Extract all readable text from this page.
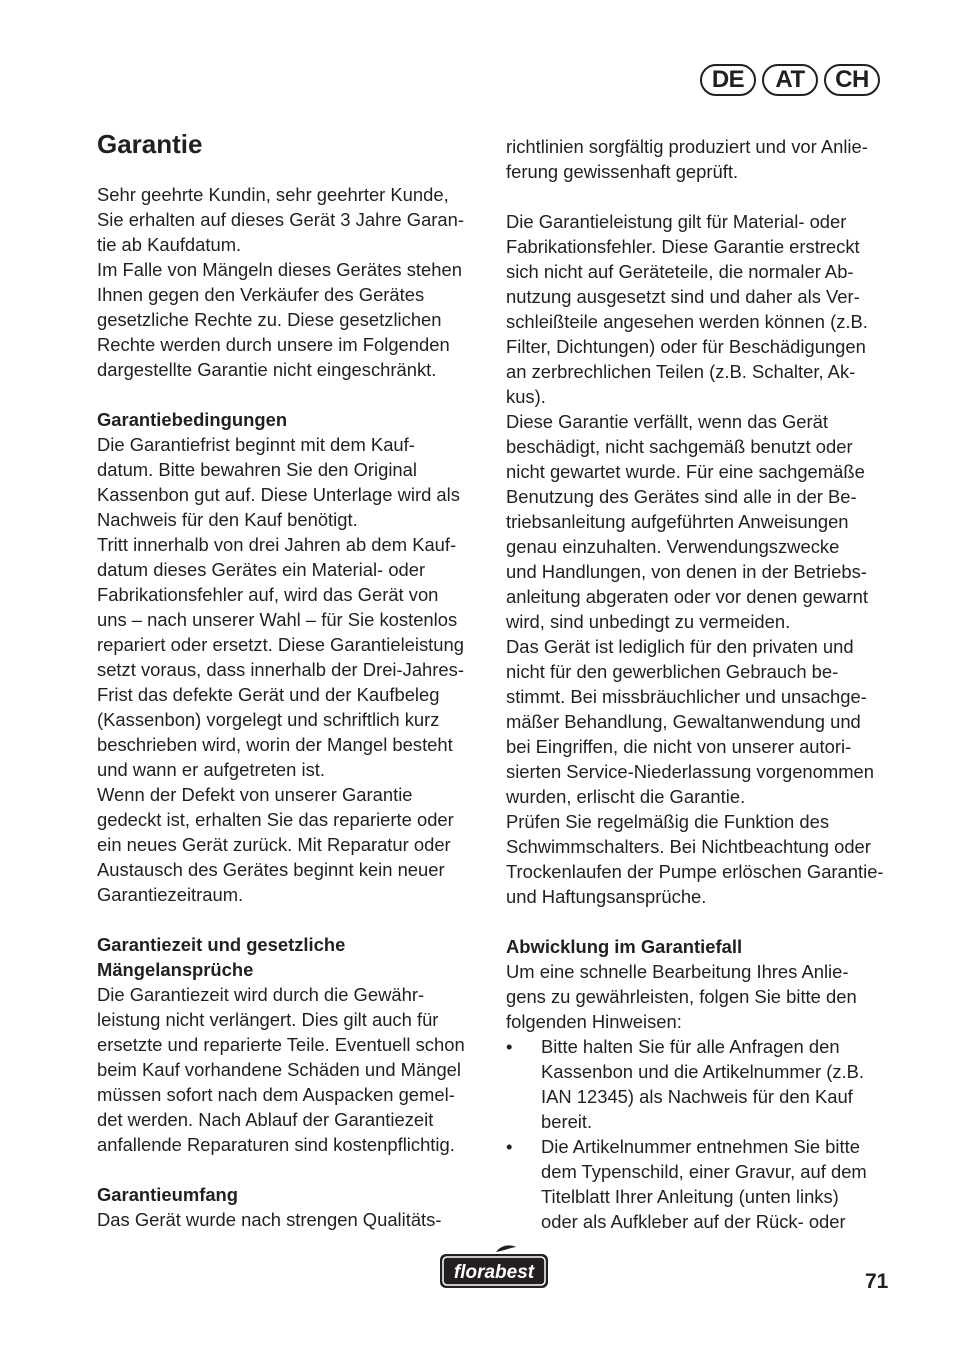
DE	AT	CH
Garantie
Sehr geehrte Kundin, sehr geehrter Kunde,
Sie erhalten auf dieses Gerät 3 Jahre Garan-
tie ab Kaufdatum.
Im Falle von Mängeln dieses Gerätes stehen
Ihnen gegen den Verkäufer des Gerätes
gesetzliche Rechte zu. Diese gesetzlichen
Rechte werden durch unsere im Folgenden
dargestellte Garantie nicht eingeschränkt.
Garantiebedingungen
Die Garantiefrist beginnt mit dem Kauf-
datum. Bitte bewahren Sie den Original
Kassenbon gut auf. Diese Unterlage wird als
Nachweis für den Kauf benötigt.
Tritt innerhalb von drei Jahren ab dem Kauf-
datum dieses Gerätes ein Material- oder
Fabrikationsfehler auf, wird das Gerät von
uns – nach unserer Wahl – für Sie kostenlos
repariert oder ersetzt. Diese Garantieleistung
setzt voraus, dass innerhalb der Drei-Jahres-
Frist das defekte Gerät und der Kaufbeleg
(Kassenbon) vorgelegt und schriftlich kurz
beschrieben wird, worin der Mangel besteht
und wann er aufgetreten ist.
Wenn der Defekt von unserer Garantie
gedeckt ist, erhalten Sie das reparierte oder
ein neues Gerät zurück. Mit Reparatur oder
Austausch des Gerätes beginnt kein neuer
Garantiezeitraum.
Garantiezeit und gesetzliche
Mängelansprüche
Die Garantiezeit wird durch die Gewähr-
leistung nicht verlängert. Dies gilt auch für
ersetzte und reparierte Teile. Eventuell schon
beim Kauf vorhandene Schäden und Mängel
müssen sofort nach dem Auspacken gemel-
det werden. Nach Ablauf der Garantiezeit
anfallende Reparaturen sind kostenpflichtig.
Garantieumfang
Das Gerät wurde nach strengen Qualitäts-
richtlinien sorgfältig produziert und vor Anlie-
ferung gewissenhaft geprüft.
Die Garantieleistung gilt für Material- oder
Fabrikationsfehler. Diese Garantie erstreckt
sich nicht auf Geräteteile, die normaler Ab-
nutzung ausgesetzt sind und daher als Ver-
schleißteile angesehen werden können (z.B.
Filter, Dichtungen) oder für Beschädigungen
an zerbrechlichen Teilen (z.B. Schalter, Ak-
kus).
Diese Garantie verfällt, wenn das Gerät
beschädigt, nicht sachgemäß benutzt oder
nicht gewartet wurde. Für eine sachgemäße
Benutzung des Gerätes sind alle in der Be-
triebsanleitung aufgeführten Anweisungen
genau einzuhalten. Verwendungszwecke
und Handlungen, von denen in der Betriebs-
anleitung abgeraten oder vor denen gewarnt
wird, sind unbedingt zu vermeiden.
Das Gerät ist lediglich für den privaten und
nicht für den gewerblichen Gebrauch be-
stimmt. Bei missbräuchlicher und unsachge-
mäßer Behandlung, Gewaltanwendung und
bei Eingriffen, die nicht von unserer autori-
sierten Service-Niederlassung vorgenommen
wurden, erlischt die Garantie.
Prüfen Sie regelmäßig die Funktion des
Schwimmschalters. Bei Nichtbeachtung oder
Trockenlaufen der Pumpe erlöschen Garantie-
und Haftungsansprüche.
Abwicklung im Garantiefall
Um eine schnelle Bearbeitung Ihres Anlie-
gens zu gewährleisten, folgen Sie bitte den
folgenden Hinweisen:
• Bitte halten Sie für alle Anfragen den
Kassenbon und die Artikelnummer (z.B.
IAN 12345) als Nachweis für den Kauf
bereit.
• Die Artikelnummer entnehmen Sie bitte
dem Typenschild, einer Gravur, auf dem
Titelblatt Ihrer Anleitung (unten links)
oder als Aufkleber auf der Rück- oder
florabest	71
